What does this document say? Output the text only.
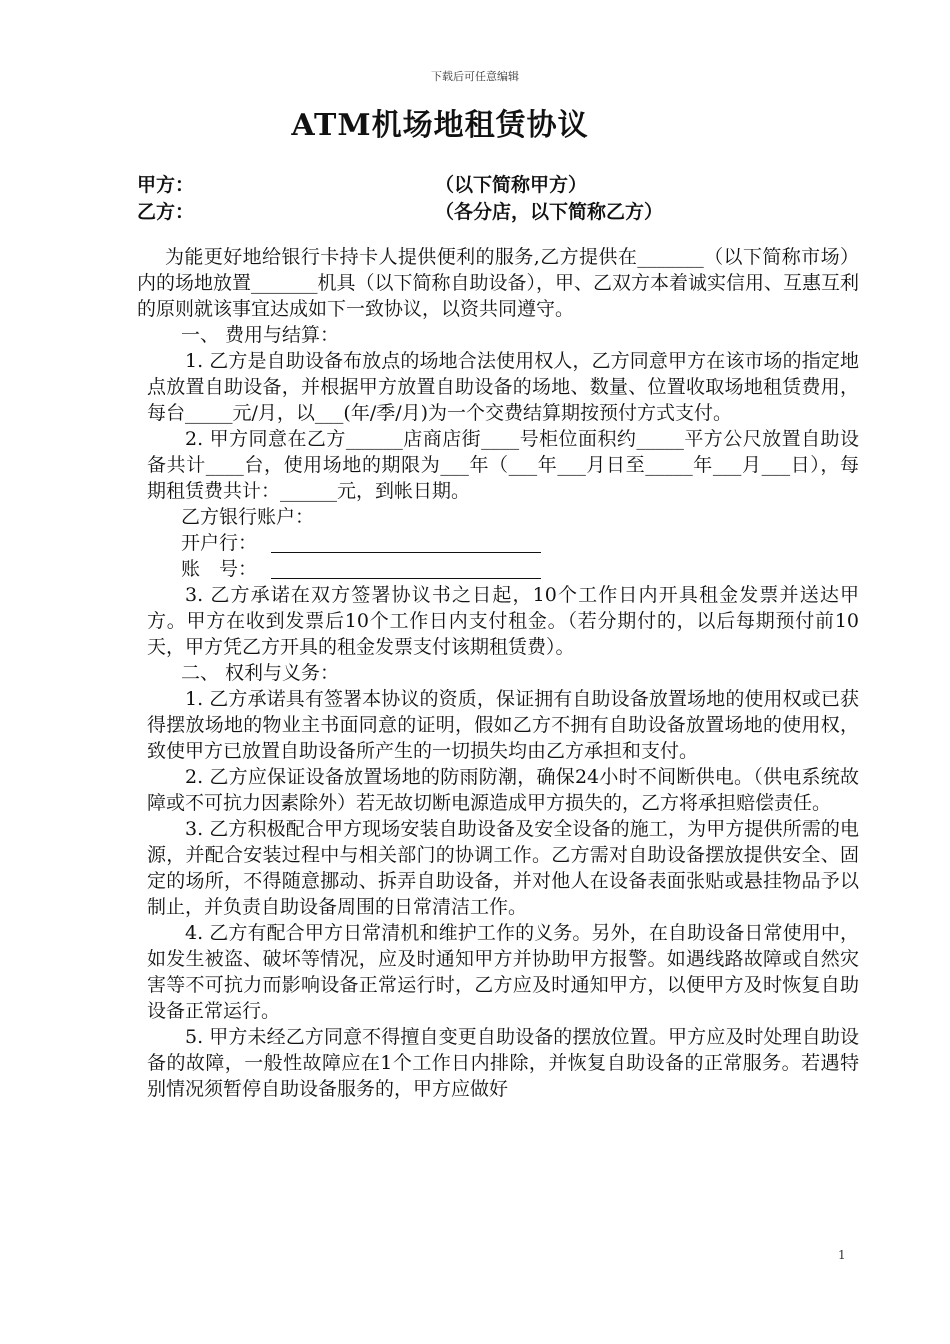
下载后可任意编辑
ATM机场地租赁协议
甲方：	（以下简称甲方）
乙方：	（各分店，以下简称乙方）

为能更好地给银行卡持卡人提供便利的服务,乙方提供在_______（以下简称市场）内的场地放置_______机具（以下简称自助设备），甲、乙双方本着诚实信用、互惠互利的原则就该事宜达成如下一致协议，以资共同遵守。

一、 费用与结算：

1. 乙方是自助设备布放点的场地合法使用权人，乙方同意甲方在该市场的指定地点放置自助设备，并根据甲方放置自助设备的场地、数量、位置收取场地租赁费用，每台_____元/月，以___(年/季/月)为一个交费结算期按预付方式支付。

2. 甲方同意在乙方______店商店街____号柜位面积约_____平方公尺放置自助设备共计____台，使用场地的期限为___年（___年___月日至_____年___月___日），每期租赁费共计：______元，到帐日期。

乙方银行账户：

开户行：

账　号：

3. 乙方承诺在双方签署协议书之日起，10个工作日内开具租金发票并送达甲方。甲方在收到发票后10个工作日内支付租金。（若分期付的，以后每期预付前10天，甲方凭乙方开具的租金发票支付该期租赁费）。

二、 权利与义务：

1. 乙方承诺具有签署本协议的资质，保证拥有自助设备放置场地的使用权或已获得摆放场地的物业主书面同意的证明，假如乙方不拥有自助设备放置场地的使用权，致使甲方已放置自助设备所产生的一切损失均由乙方承担和支付。

2. 乙方应保证设备放置场地的防雨防潮，确保24小时不间断供电。（供电系统故障或不可抗力因素除外）若无故切断电源造成甲方损失的，乙方将承担赔偿责任。

3. 乙方积极配合甲方现场安装自助设备及安全设备的施工，为甲方提供所需的电源，并配合安装过程中与相关部门的协调工作。乙方需对自助设备摆放提供安全、固定的场所，不得随意挪动、拆弄自助设备，并对他人在设备表面张贴或悬挂物品予以制止，并负责自助设备周围的日常清洁工作。

4. 乙方有配合甲方日常清机和维护工作的义务。另外，在自助设备日常使用中，如发生被盗、破坏等情况，应及时通知甲方并协助甲方报警。如遇线路故障或自然灾害等不可抗力而影响设备正常运行时，乙方应及时通知甲方，以便甲方及时恢复自助设备正常运行。

5. 甲方未经乙方同意不得擅自变更自助设备的摆放位置。甲方应及时处理自助设备的故障，一般性故障应在1个工作日内排除，并恢复自助设备的正常服务。若遇特别情况须暂停自助设备服务的，甲方应做好

1
